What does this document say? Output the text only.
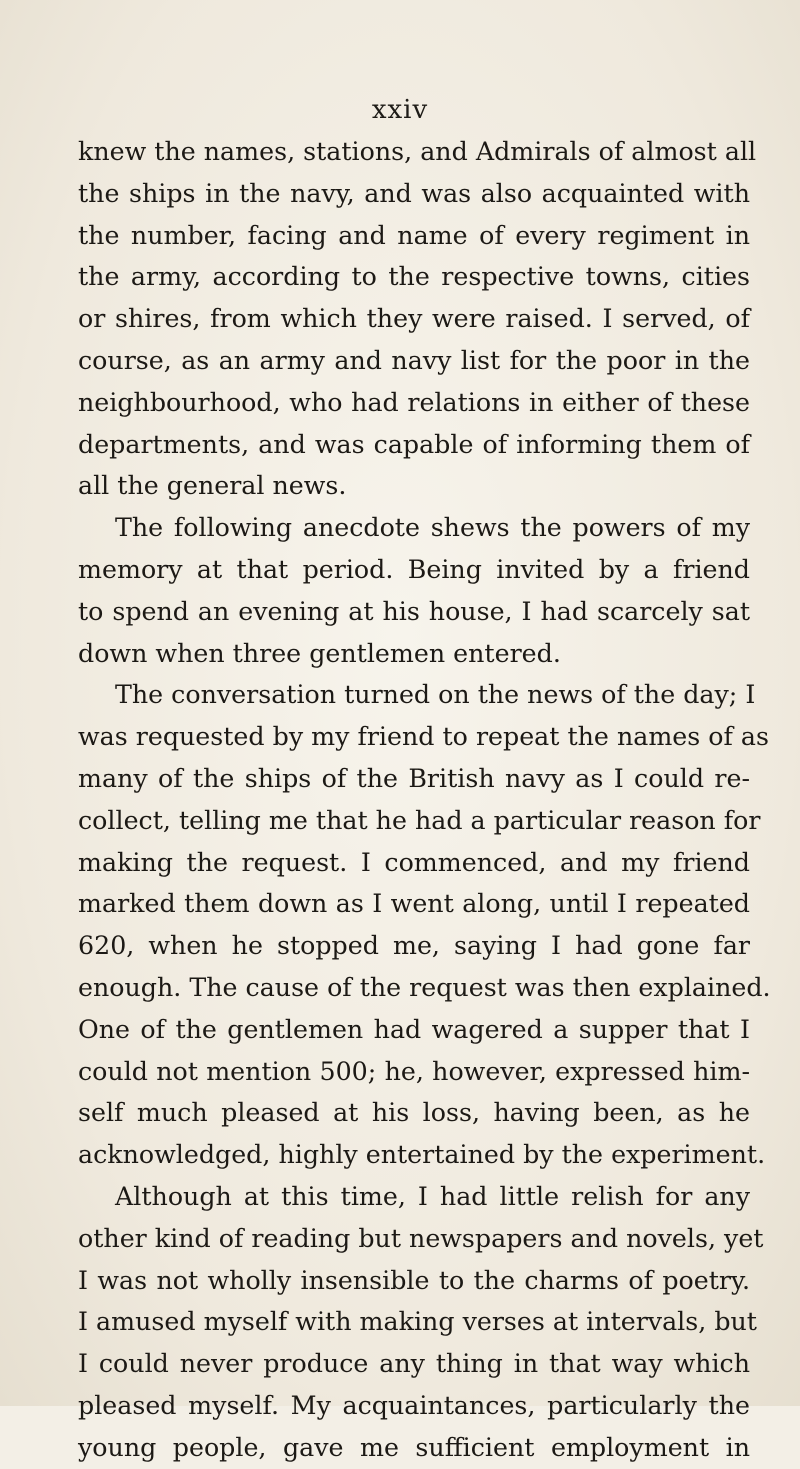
xxiv
knew the names, stations, and Admirals of almost all
the ships in the navy, and was also acquainted with
the number, facing and name of every regiment in
the army, according to the respective towns, cities
or shires, from which they were raised. I served, of
course, as an army and navy list for the poor in the
neighbourhood, who had relations in either of these
departments, and was capable of informing them of
all the general news.
The following anecdote shews the powers of my
memory at that period. Being invited by a friend
to spend an evening at his house, I had scarcely sat
down when three gentlemen entered.
The conversation turned on the news of the day; I
was requested by my friend to repeat the names of as
many of the ships of the British navy as I could re-
collect, telling me that he had a particular reason for
making the request. I commenced, and my friend
marked them down as I went along, until I repeated
620, when he stopped me, saying I had gone far
enough. The cause of the request was then explained.
One of the gentlemen had wagered a supper that I
could not mention 500; he, however, expressed him-
self much pleased at his loss, having been, as he
acknowledged, highly entertained by the experiment.
Although at this time, I had little relish for any
other kind of reading but newspapers and novels, yet
I was not wholly insensible to the charms of poetry.
I amused myself with making verses at intervals, but
I could never produce any thing in that way which
pleased myself. My acquaintances, particularly the
young people, gave me sufficient employment in
